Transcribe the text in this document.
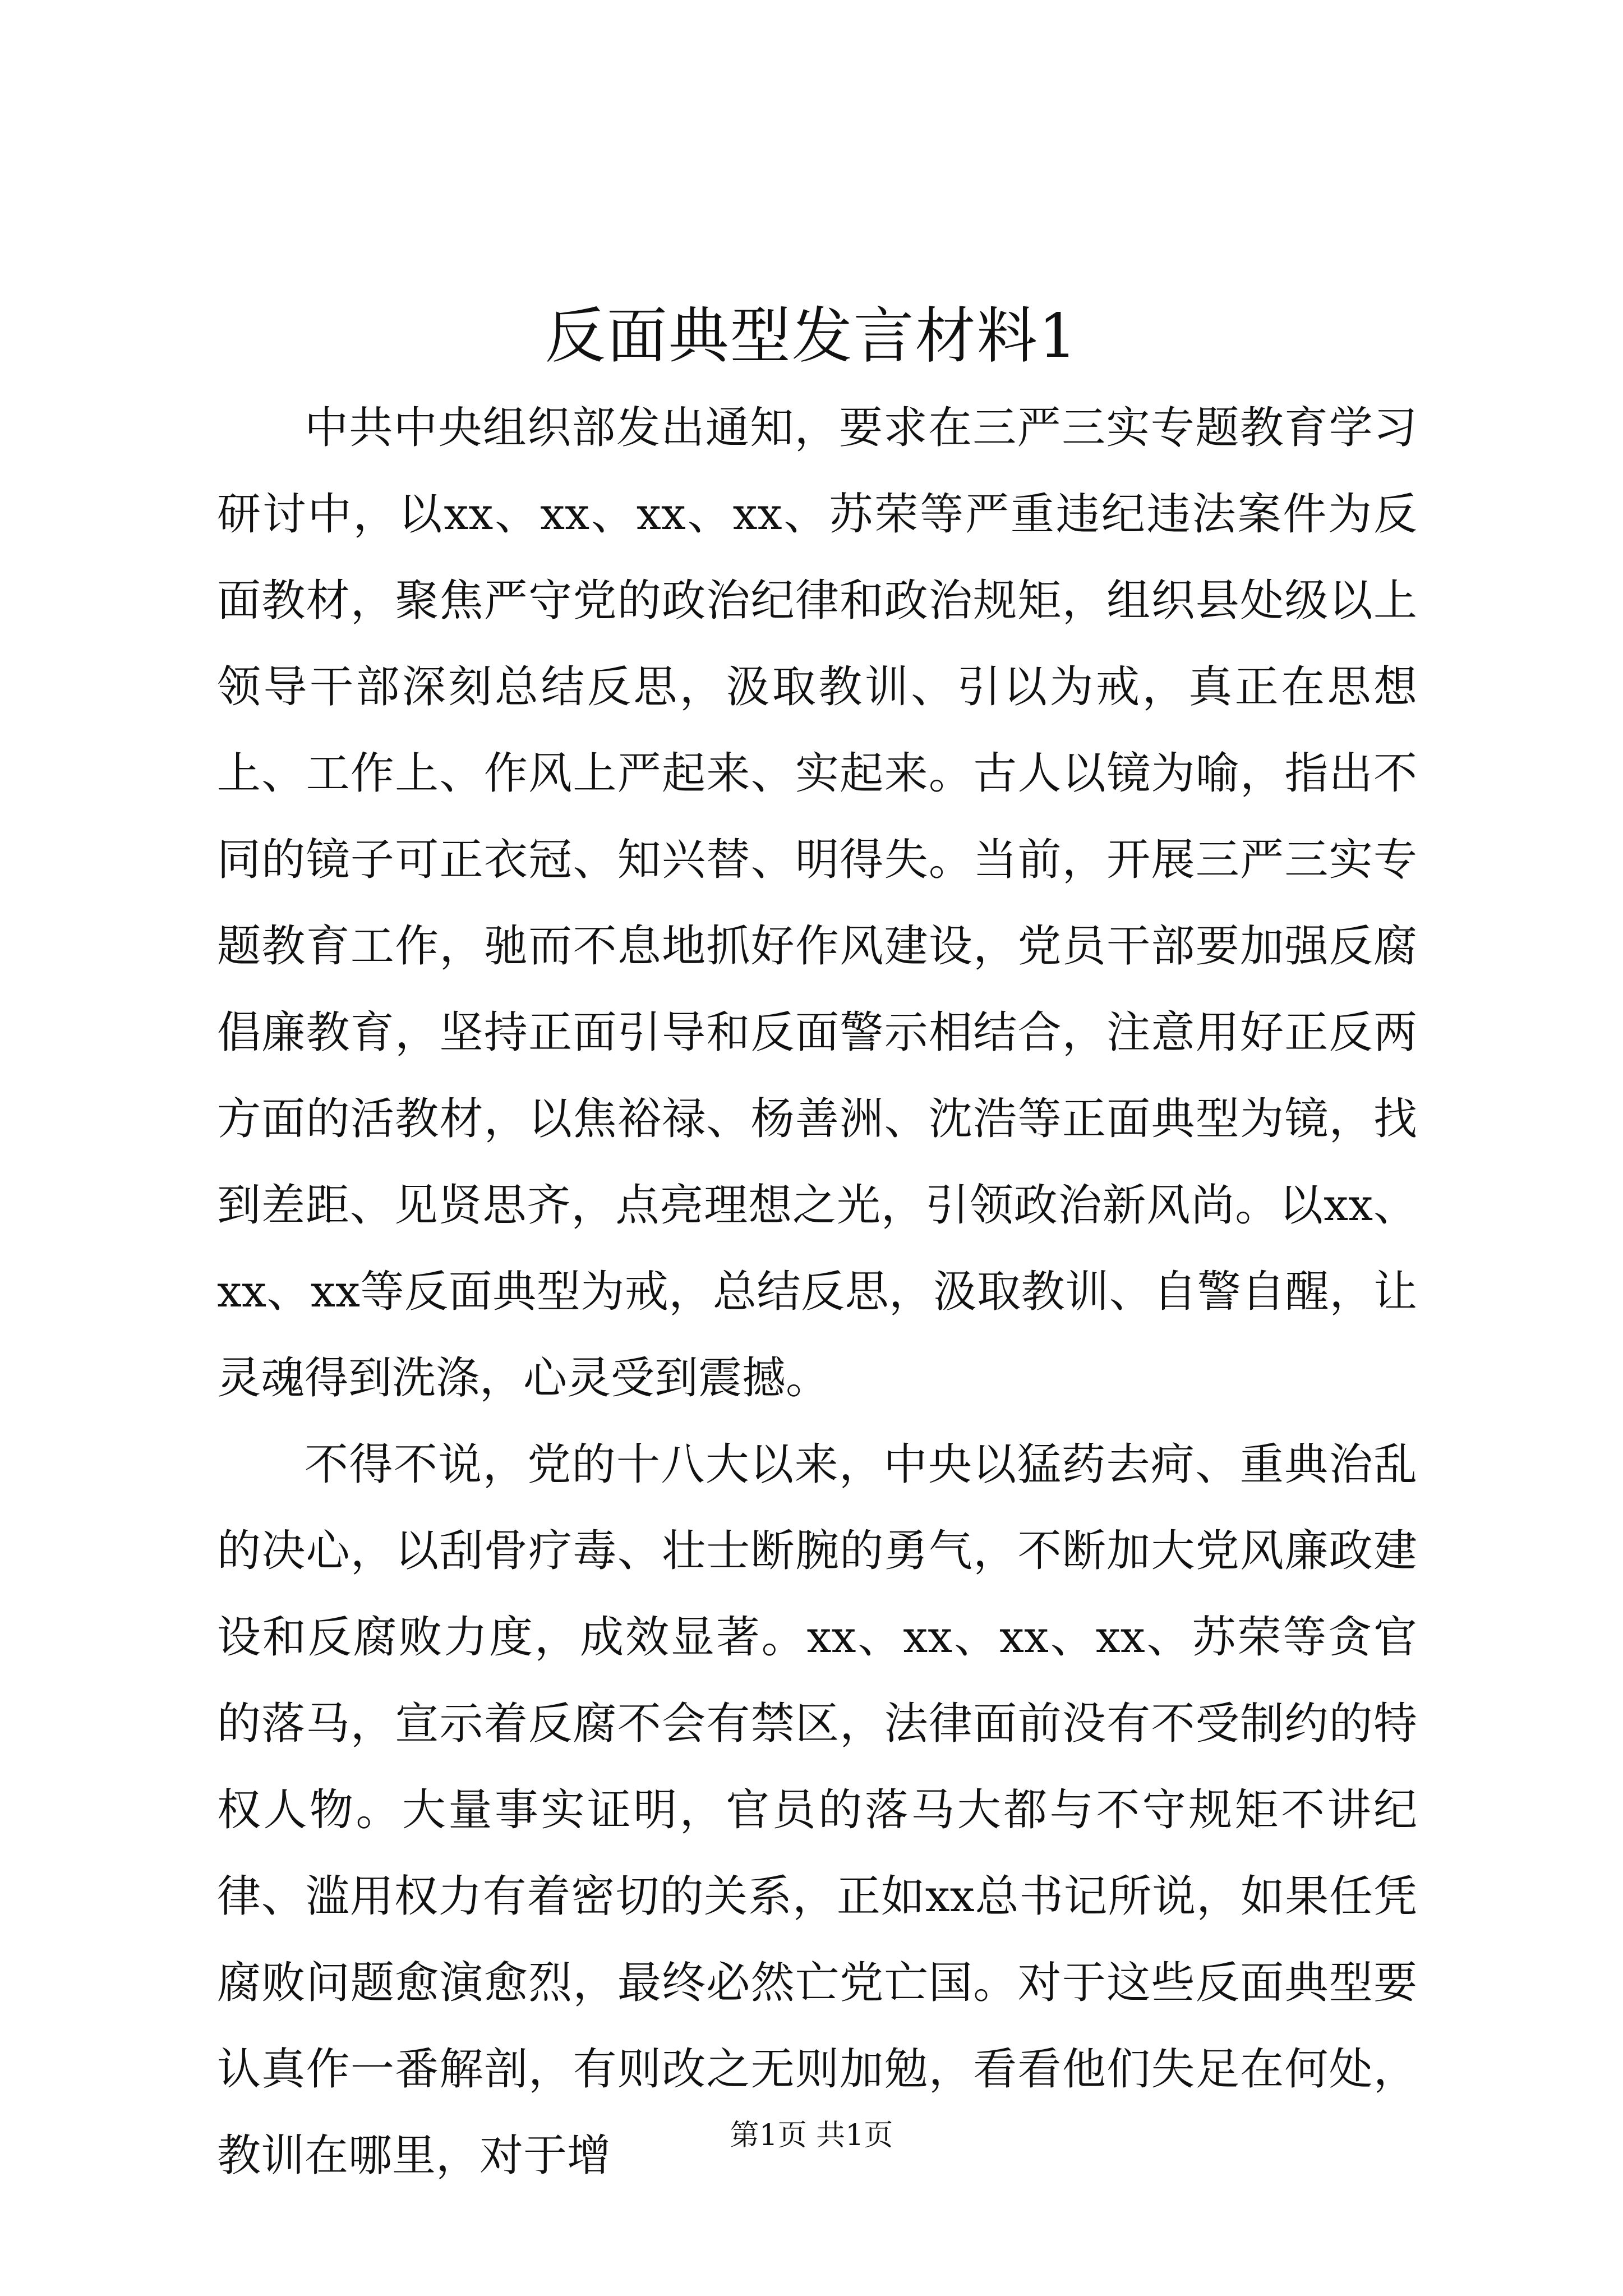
反面典型发言材料1

中共中央组织部发出通知，要求在三严三实专题教育学习研讨中，以xx、xx、xx、xx、苏荣等严重违纪违法案件为反面教材，聚焦严守党的政治纪律和政治规矩，组织县处级以上领导干部深刻总结反思，汲取教训、引以为戒，真正在思想上、工作上、作风上严起来、实起来。古人以镜为喻，指出不同的镜子可正衣冠、知兴替、明得失。当前，开展三严三实专题教育工作，驰而不息地抓好作风建设，党员干部要加强反腐倡廉教育，坚持正面引导和反面警示相结合，注意用好正反两方面的活教材，以焦裕禄、杨善洲、沈浩等正面典型为镜，找到差距、见贤思齐，点亮理想之光，引领政治新风尚。以xx、xx、xx等反面典型为戒，总结反思，汲取教训、自警自醒，让灵魂得到洗涤，心灵受到震撼。

不得不说，党的十八大以来，中央以猛药去疴、重典治乱的决心，以刮骨疗毒、壮士断腕的勇气，不断加大党风廉政建设和反腐败力度，成效显著。xx、xx、xx、xx、苏荣等贪官的落马，宣示着反腐不会有禁区，法律面前没有不受制约的特权人物。大量事实证明，官员的落马大都与不守规矩不讲纪律、滥用权力有着密切的关系，正如xx总书记所说，如果任凭腐败问题愈演愈烈，最终必然亡党亡国。对于这些反面典型要认真作一番解剖，有则改之无则加勉，看看他们失足在何处，教训在哪里，对于增	第1页 共1页
